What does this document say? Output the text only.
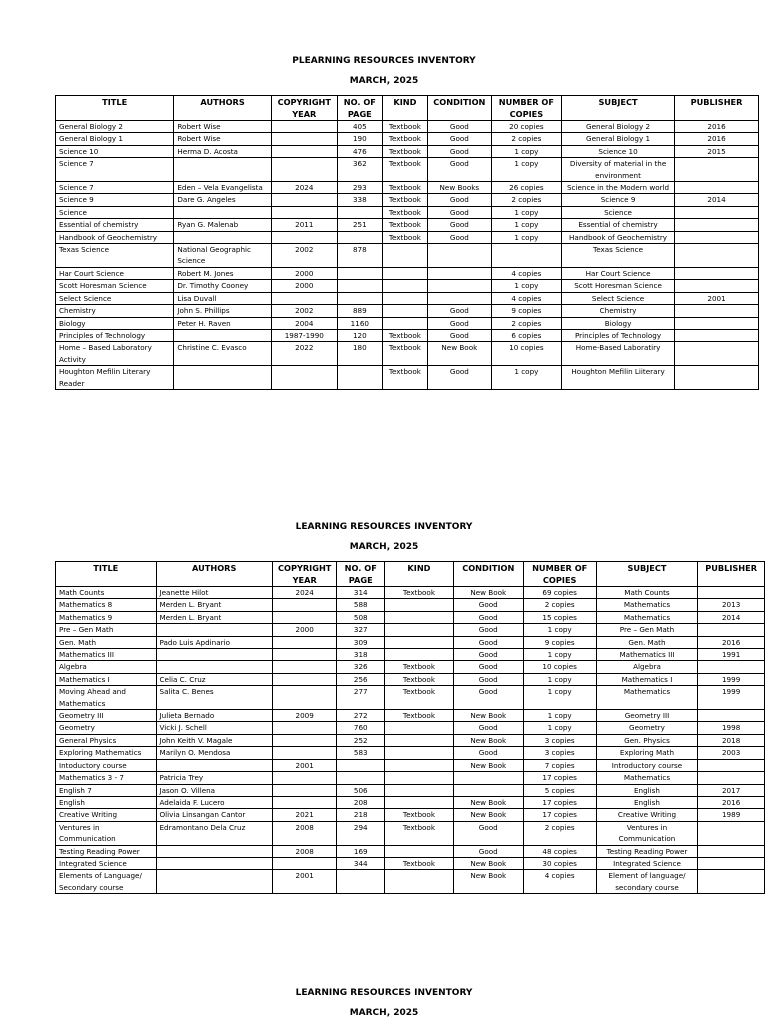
PLEARNING RESOURCES INVENTORY
MARCH, 2025
TITLE	AUTHORS	COPYRIGHT YEAR	NO. OF PAGE	KIND	CONDITION	NUMBER OF COPIES	SUBJECT	PUBLISHER
General Biology 2	Robert Wise		405	Textbook	Good	20 copies	General Biology 2	2016
General Biology 1	Robert Wise		190	Textbook	Good	2 copies	General Biology 1	2016
Science 10	Herma D. Acosta		476	Textbook	Good	1 copy	Science 10	2015
Science 7			362	Textbook	Good	1 copy	Diversity of material in the environment	
Science 7	Eden – Vela Evangelista	2024	293	Textbook	New Books	26 copies	Science in the Modern world	
Science 9	Dare G. Angeles		338	Textbook	Good	2 copies	Science 9	2014
Science				Textbook	Good	1 copy	Science	
Essential of chemistry	Ryan G. Malenab	2011	251	Textbook	Good	1 copy	Essential of chemistry	
Handbook of Geochemistry				Textbook	Good	1 copy	Handbook of Geochemistry	
Texas Science	National Geographic Science	2002	878				Texas Science	
Har Court Science	Robert M. Jones	2000				4 copies	Har Court Science	
Scott Horesman Science	Dr. Timothy Cooney	2000				1 copy	Scott Horesman Science	
Select Science	Lisa Duvall					4 copies	Select Science	2001
Chemistry	John S. Phillips	2002	889		Good	9 copies	Chemistry	
Biology	Peter H. Raven	2004	1160		Good	2 copies	Biology	
Principles of Technology		1987-1990	120	Textbook	Good	6 copies	Principles of Technology	
Home – Based Laboratory Activity	Christine C. Evasco	2022	180	Textbook	New Book	10 copies	Home-Based Laboratiry	
Houghton Mefilin Literary Reader				Textbook	Good	1 copy	Houghton Mefilin Liiterary	
LEARNING RESOURCES INVENTORY
MARCH, 2025
TITLE	AUTHORS	COPYRIGHT YEAR	NO. OF PAGE	KIND	CONDITION	NUMBER OF COPIES	SUBJECT	PUBLISHER
Math Counts	Jeanette Hilot	2024	314	Textbook	New Book	69 copies	Math Counts	
Mathematics 8	Merden L. Bryant		588		Good	2 copies	Mathematics	2013
Mathematics 9	Merden L. Bryant		508		Good	15 copies	Mathematics	2014
Pre – Gen Math		2000	327		Good	1 copy	Pre – Gen Math	
Gen. Math	Pado Luis Apdinario		309		Good	9 copies	Gen. Math	2016
Mathematics III			318		Good	1 copy	Mathematics III	1991
Algebra			326	Textbook	Good	10 copies	Algebra	
Mathematics I	Celia C. Cruz		256	Textbook	Good	1 copy	Mathematics I	1999
Moving Ahead and Mathematics	Salita C. Benes		277	Textbook	Good	1 copy	Mathematics	1999
Geometry III	Julieta Bernado	2009	272	Textbook	New Book	1 copy	Geometry III	
Geometry	Vicki J. Schell		760		Good	1 copy	Geometry	1998
General Physics	John Keith V. Magale		252		New Book	3 copies	Gen. Physics	2018
Exploring Mathematics	Marilyn O. Mendosa		583		Good	3 copies	Exploring Math	2003
Intoductory course		2001			New Book	7 copies	Introductory course	
Mathematics 3 - 7	Patricia Trey					17 copies	Mathematics	
English 7	Jason O. Villena		506			5 copies	English	2017
English	Adelaida F. Lucero		208		New Book	17 copies	English	2016
Creative Writing	Olivia Linsangan Cantor	2021	218	Textbook	New Book	17 copies	Creative Writing	1989
Ventures in Communication	Edramontano Dela Cruz	2008	294	Textbook	Good	2 copies	Ventures in Communication	
Testing Reading Power		2008	169		Good	48 copies	Testing Reading Power	
Integrated Science			344	Textbook	New Book	30 copies	Integrated Science	
Elements of Language/ Secondary course		2001			New Book	4 copies	Element of language/ secondary course	
LEARNING RESOURCES INVENTORY
MARCH, 2025
